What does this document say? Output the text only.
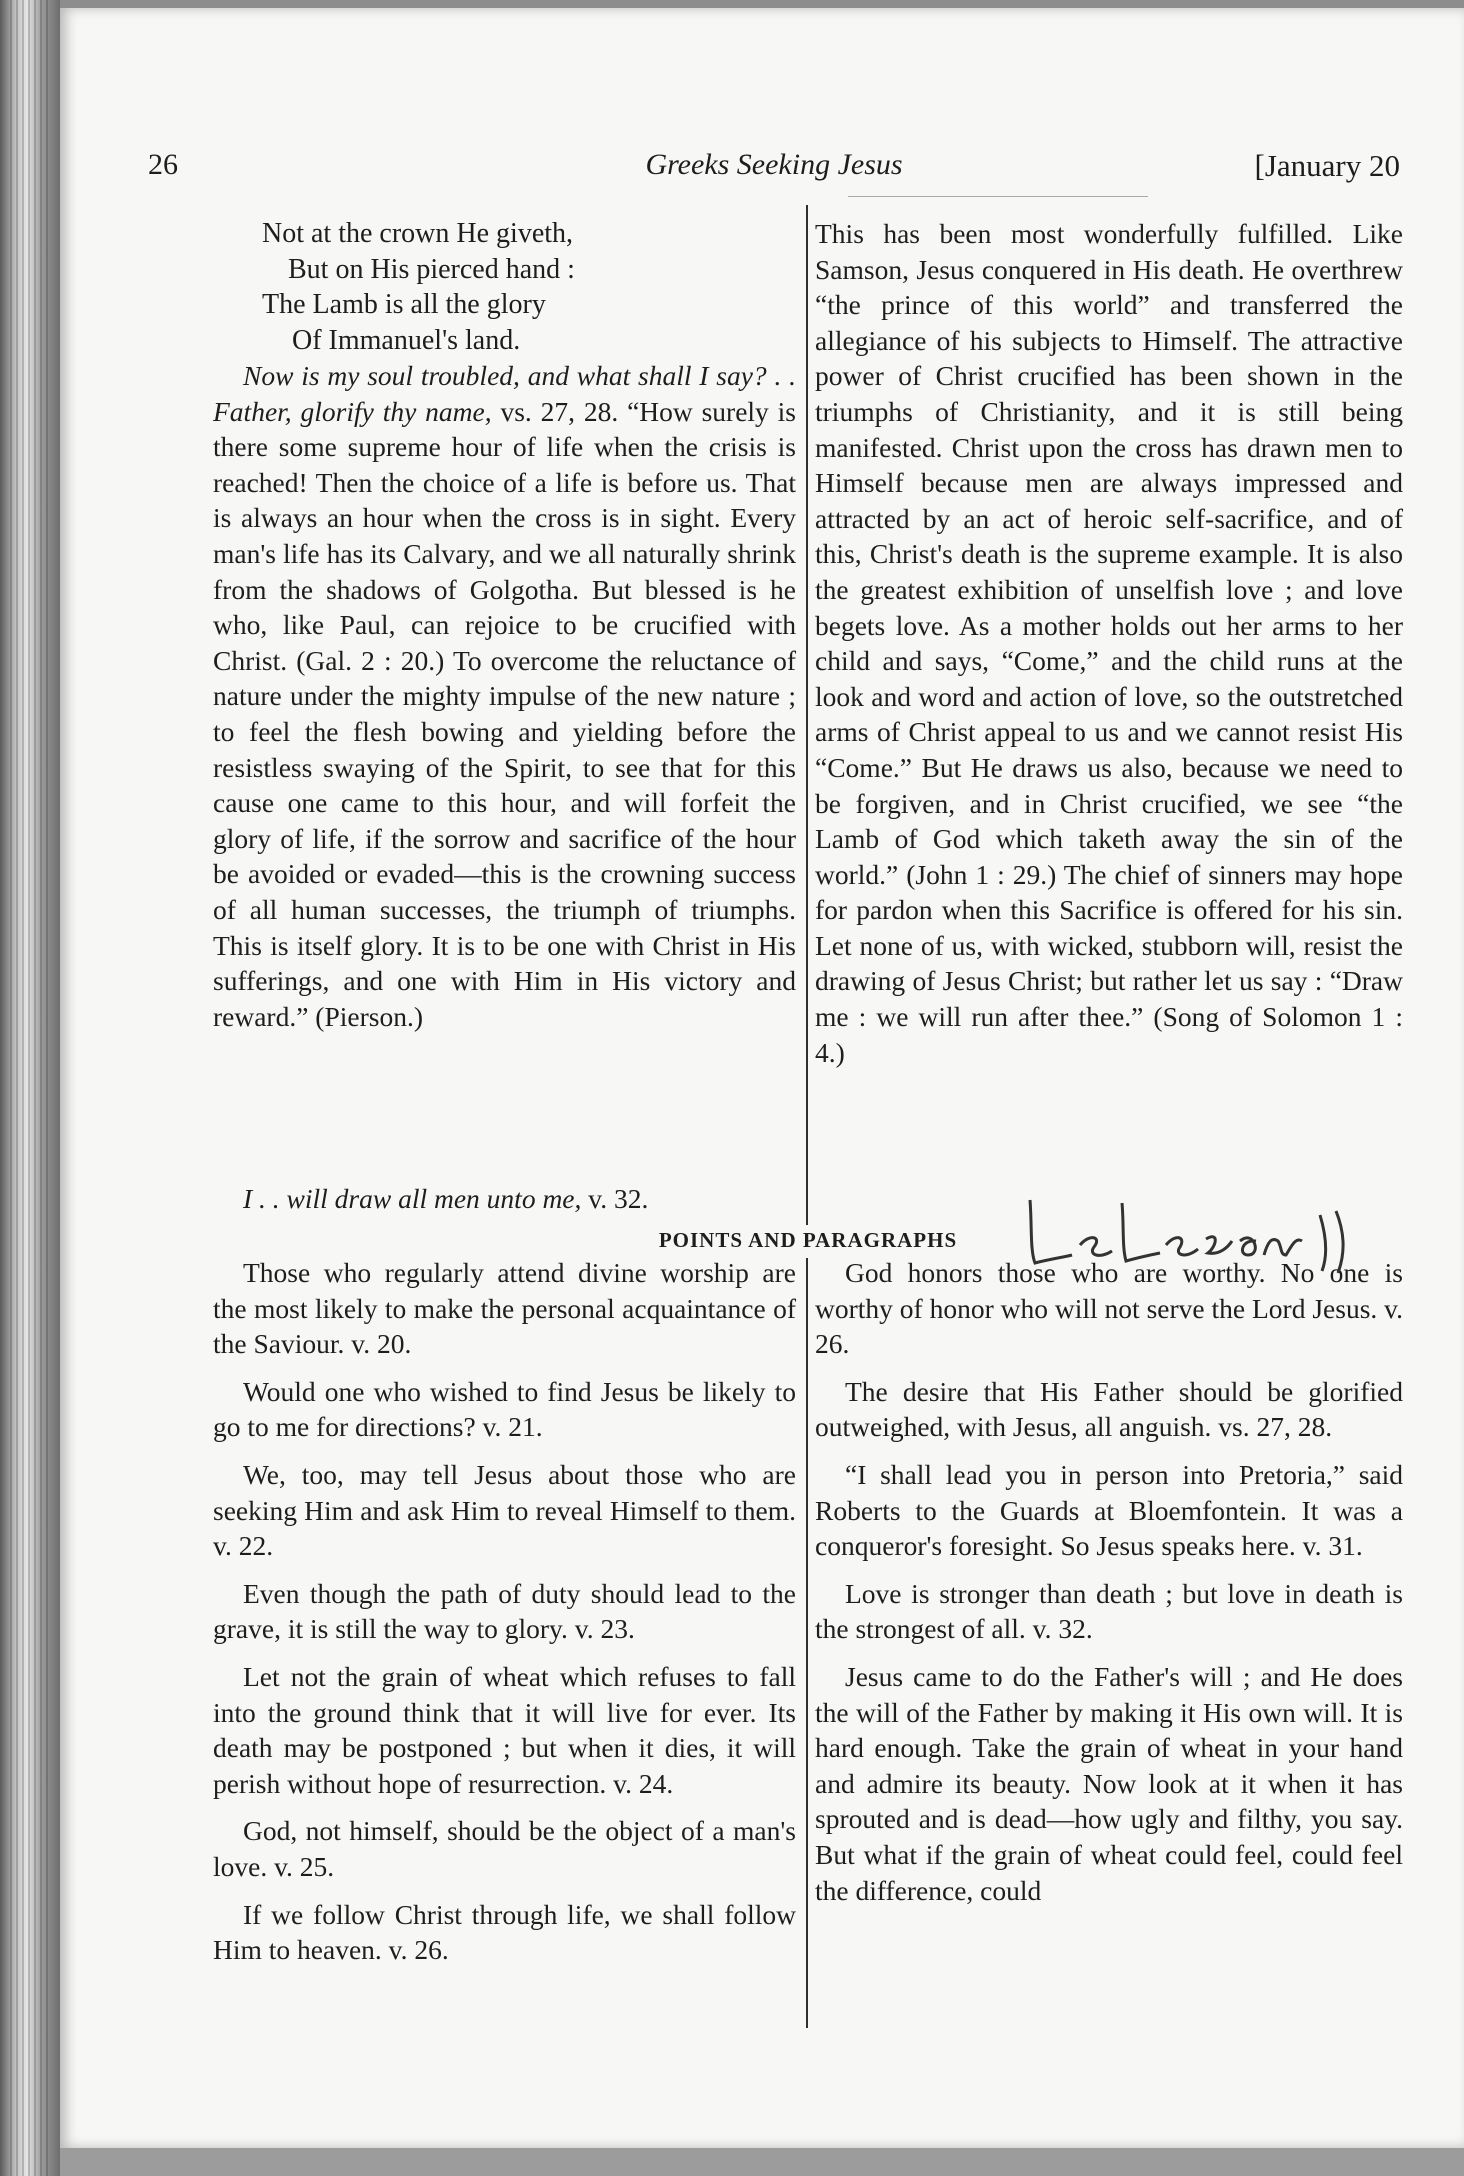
26	Greeks Seeking Jesus	[January 20
Not at the crown He giveth,
But on His pierced hand :
The Lamb is all the glory
Of Immanuel's land.
Now is my soul troubled, and what shall I say? . . Father, glorify thy name, vs. 27, 28. “How surely is there some supreme hour of life when the crisis is reached! Then the choice of a life is before us. That is always an hour when the cross is in sight. Every man's life has its Calvary, and we all naturally shrink from the shadows of Golgotha. But blessed is he who, like Paul, can rejoice to be crucified with Christ. (Gal. 2 : 20.) To overcome the reluctance of nature under the mighty impulse of the new nature ; to feel the flesh bowing and yielding before the resistless swaying of the Spirit, to see that for this cause one came to this hour, and will forfeit the glory of life, if the sorrow and sacrifice of the hour be avoided or evaded—this is the crowning success of all human successes, the triumph of triumphs. This is itself glory. It is to be one with Christ in His sufferings, and one with Him in His victory and reward.” (Pierson.)
I . . will draw all men unto me, v. 32.

This has been most wonderfully fulfilled. Like Samson, Jesus conquered in His death. He overthrew “the prince of this world” and transferred the allegiance of his subjects to Himself. The attractive power of Christ crucified has been shown in the triumphs of Christianity, and it is still being manifested. Christ upon the cross has drawn men to Himself because men are always impressed and attracted by an act of heroic self-sacrifice, and of this, Christ's death is the supreme example. It is also the greatest exhibition of unselfish love ; and love begets love. As a mother holds out her arms to her child and says, “Come,” and the child runs at the look and word and action of love, so the outstretched arms of Christ appeal to us and we cannot resist His “Come.” But He draws us also, because we need to be forgiven, and in Christ crucified, we see “the Lamb of God which taketh away the sin of the world.” (John 1 : 29.) The chief of sinners may hope for pardon when this Sacrifice is offered for his sin. Let none of us, with wicked, stubborn will, resist the drawing of Jesus Christ; but rather let us say : “Draw me : we will run after thee.” (Song of Solomon 1 : 4.)

POINTS AND PARAGRAPHS

Those who regularly attend divine worship are the most likely to make the personal acquaintance of the Saviour. v. 20.

Would one who wished to find Jesus be likely to go to me for directions? v. 21.

We, too, may tell Jesus about those who are seeking Him and ask Him to reveal Himself to them. v. 22.

Even though the path of duty should lead to the grave, it is still the way to glory. v. 23.

Let not the grain of wheat which refuses to fall into the ground think that it will live for ever. Its death may be postponed ; but when it dies, it will perish without hope of resurrection. v. 24.

God, not himself, should be the object of a man's love. v. 25.

If we follow Christ through life, we shall follow Him to heaven. v. 26.

God honors those who are worthy. No one is worthy of honor who will not serve the Lord Jesus. v. 26.

The desire that His Father should be glorified outweighed, with Jesus, all anguish. vs. 27, 28.

“I shall lead you in person into Pretoria,” said Roberts to the Guards at Bloemfontein. It was a conqueror's foresight. So Jesus speaks here. v. 31.

Love is stronger than death ; but love in death is the strongest of all. v. 32.

Jesus came to do the Father's will ; and He does the will of the Father by making it His own will. It is hard enough. Take the grain of wheat in your hand and admire its beauty. Now look at it when it has sprouted and is dead—how ugly and filthy, you say. But what if the grain of wheat could feel, could feel the difference, could
